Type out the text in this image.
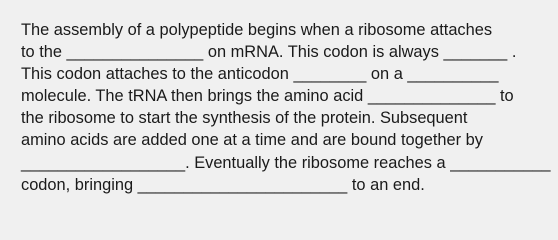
The assembly of a polypeptide begins when a ribosome attaches
to the _______________ on mRNA. This codon is always _______ .
This codon attaches to the anticodon ________ on a __________
molecule. The tRNA then brings the amino acid ______________ to
the ribosome to start the synthesis of the protein. Subsequent
amino acids are added one at a time and are bound together by
__________________. Eventually the ribosome reaches a ___________
codon, bringing _______________________ to an end.
